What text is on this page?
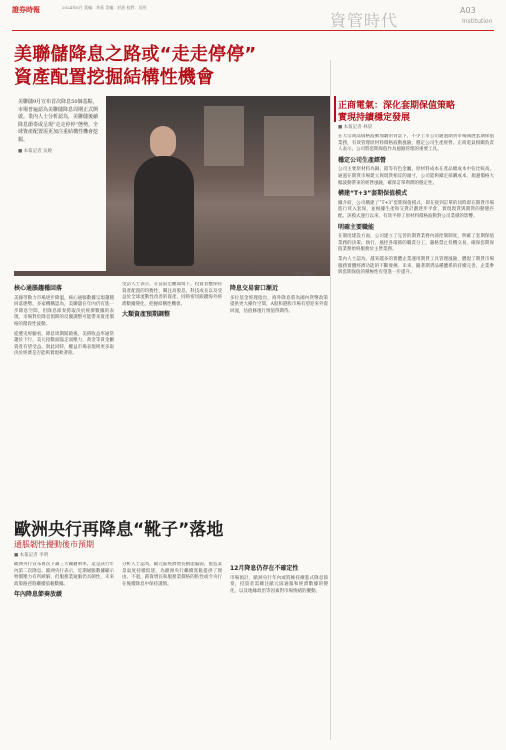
證券時報	2024年6月 責編：李嘉 美編：於波 校對：吳明
資管時代
A03
Institution
美聯儲降息之路或“走走停停”
資產配置挖掘結構性機會
美聯儲9月宣布首次降息50個基點，市場普遍認為美聯儲降息周期正式開啟。業內人士分析認為，美聯儲後續降息節奏或呈現“走走停停”態勢，全球資產配置需更加注重結構性機會挖掘。
■ 本報記者 吳曉
視覺中國圖片
核心通脹趨穩回落
美國勞動力市場逐步降溫，核心通脹數據呈現趨穩回落態勢。多家機構認為，美聯儲在年內仍有進一步降息空間，但降息節奏將取決於經濟數據的表現，市場對於降息預期的反覆調整可能帶來資產價格的階段性波動。
從歷史經驗看，降息周期開啟後，美債收益率通常趨於下行，美元指數面臨走弱壓力，黃金等貴金屬資產有望受益。與此同時，權益市場表現則更多取決於經濟是否能夠實現軟著陸。
受訪人士表示，在當前宏觀環境下，投資者應保持資產配置的均衡性，關注高股息、科技成長以及受益於全球流動性改善的資產，同時密切跟蹤海外經濟數據變化，把握結構性機會。
大類資產預期調整
降息交易窗口漸近
多位基金經理指出，海外降息將為國內貨幣政策提供更大操作空間，A股和港股市場有望迎來外資回流，估值修復行情值得期待。
歐洲央行再降息“靴子”落地
通脹韌性擾動後市預期
■ 本報記者 李明
歐洲央行宣布再次下調三大關鍵利率，這是該行年內第二次降息。歐洲央行表示，近期通脹數據顯示物價壓力有所緩解，但服務業通脹仍具韌性，未來政策路徑將繼續依賴數據。
年內降息節奏放緩
分析人士認為，歐元區經濟增長動能偏弱，製造業景氣度持續低迷，為歐洲央行繼續寬鬆提供了理由。不過，薪資增長和服務業價格的粘性或令央行在後續降息中保持謹慎。
12月降息仍存在不確定性
市場預計，歐洲央行年內或將維持漸進式降息節奏，投資者需關注歐元區通脹和經濟數據的變化，以及地緣政治等因素對市場情緒的擾動。
正商電氣：深化套期保值策略
實現持續穩定發展
■ 本報記者 林晨
在大宗商品價格波動加劇的背景下，不少上市公司通過期貨市場開展套期保值業務，有效管理原材料價格波動風險，穩定公司生產經營。正商電氣相關負責人表示，公司將套期保值作為風險管理的重要工具。
穩定公司生產經營
公司主要原材料為銅、鋁等有色金屬，原材料成本在產品總成本中佔比較高。通過在期貨市場建立與現貨相反的頭寸，公司能夠鎖定採購成本，規避價格大幅波動帶來的經營風險，確保訂單利潤的穩定性。
構建“T+3”套期保值模式
據介紹，公司構建了“T+3”套期保值模式，即在接到訂單的同時即在期貨市場進行買入套保，並根據生產和交貨計劃逐步平倉，實現現貨與期貨的動態匹配。該模式運行以來，有效平抑了原材料價格波動對公司業績的影響。
明確主要職能
在制度建設方面，公司建立了完善的期貨業務內部控制制度，明確了套期保值業務的決策、執行、風控各環節的職責分工，嚴格禁止投機交易，確保套期保值業務始終服務於主營業務。
業內人士認為，越來越多的實體企業運用期貨工具管理風險，體現了期貨市場服務實體經濟功能的不斷發揮。未來，隨著期貨品種體系的持續完善，企業參與套期保值的積極性有望進一步提升。
